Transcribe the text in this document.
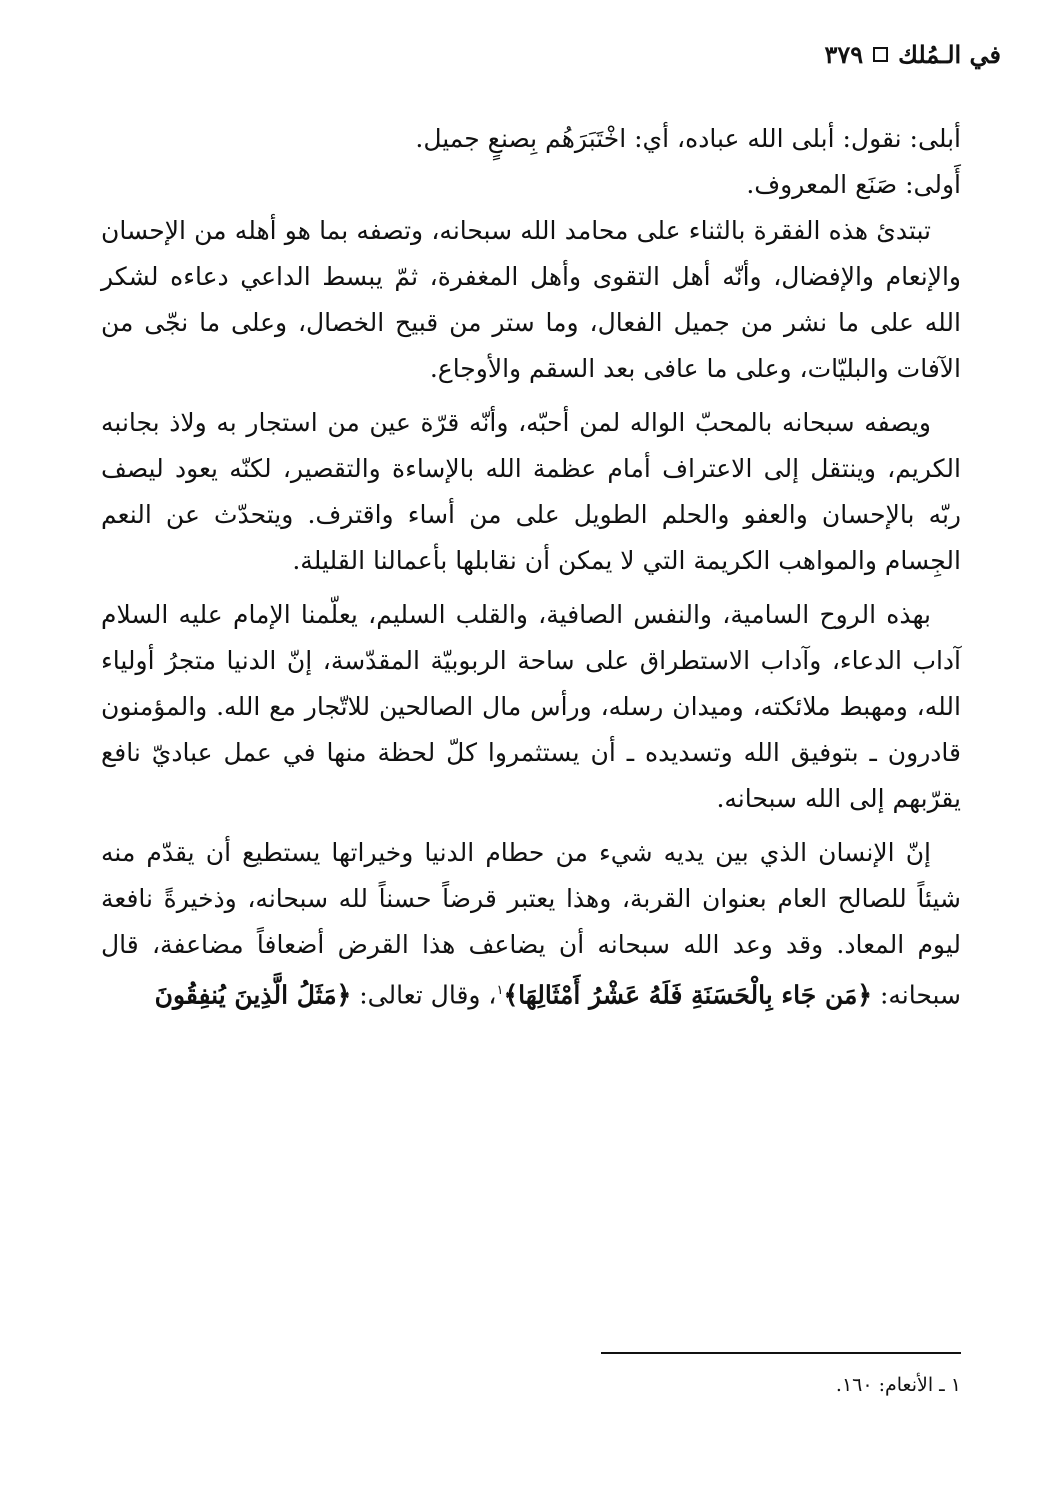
في الـمُلك
٣٧٩

أبلى: نقول: أبلى الله عباده، أي: اخْتَبَرَهُم بِصنعٍ جميل.

أَولى: صَنَع المعروف.

تبتدئ هذه الفقرة بالثناء على محامد الله سبحانه، وتصفه بما هو أهله من الإحسان والإنعام والإفضال، وأنّه أهل التقوى وأهل المغفرة، ثمّ يبسط الداعي دعاءه لشكر الله على ما نشر من جميل الفعال، وما ستر من قبيح الخصال، وعلى ما نجّى من الآفات والبليّات، وعلى ما عافى بعد السقم والأوجاع.

ويصفه سبحانه بالمحبّ الواله لمن أحبّه، وأنّه قرّة عين من استجار به ولاذ بجانبه الكريم، وينتقل إلى الاعتراف أمام عظمة الله بالإساءة والتقصير، لكنّه يعود ليصف ربّه بالإحسان والعفو والحلم الطويل على من أساء واقترف. ويتحدّث عن النعم الجِسام والمواهب الكريمة التي لا يمكن أن نقابلها بأعمالنا القليلة.

بهذه الروح السامية، والنفس الصافية، والقلب السليم، يعلّمنا الإمام عليه السلام آداب الدعاء، وآداب الاستطراق على ساحة الربوبيّة المقدّسة، إنّ الدنيا متجرُ أولياء الله، ومهبط ملائكته، وميدان رسله، ورأس مال الصالحين للاتّجار مع الله. والمؤمنون قادرون ـ بتوفيق الله وتسديده ـ أن يستثمروا كلّ لحظة منها في عمل عباديّ نافع يقرّبهم إلى الله سبحانه.

إنّ الإنسان الذي بين يديه شيء من حطام الدنيا وخيراتها يستطيع أن يقدّم منه شيئاً للصالح العام بعنوان القربة، وهذا يعتبر قرضاً حسناً لله سبحانه، وذخيرةً نافعة ليوم المعاد. وقد وعد الله سبحانه أن يضاعف هذا القرض أضعافاً مضاعفة، قال سبحانه: ﴿مَن جَاء بِالْحَسَنَةِ فَلَهُ عَشْرُ أَمْثَالِهَا﴾$^١$، وقال تعالى: ﴿مَثَلُ الَّذِينَ يُنفِقُونَ

١ ـ الأنعام: ١٦٠.
